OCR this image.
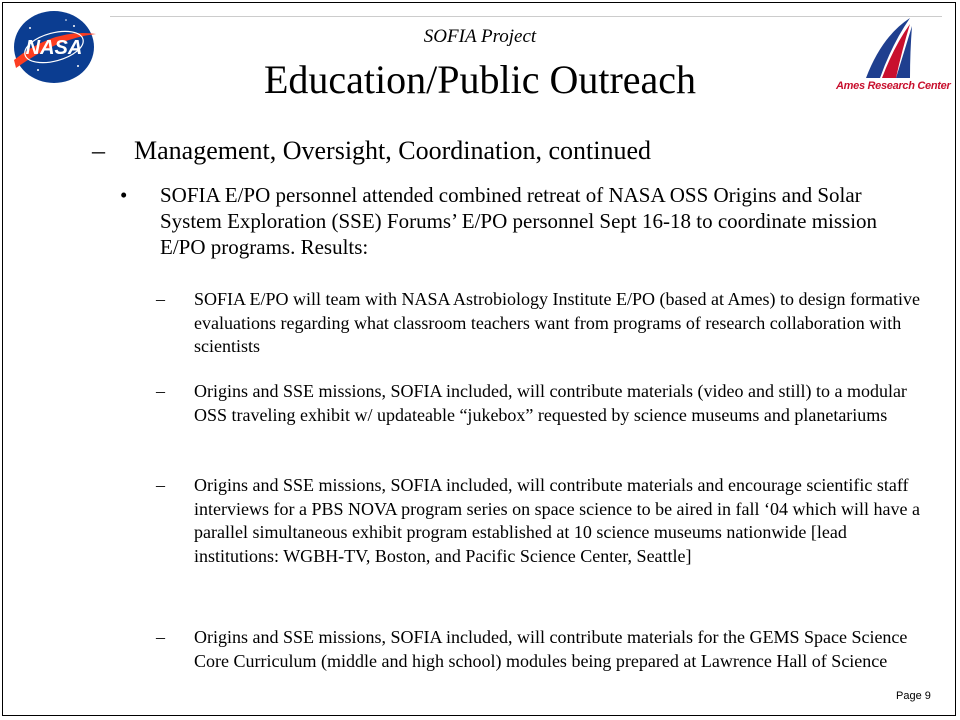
NASA
Ames Research Center
SOFIA Project
Education/Public Outreach
– Management, Oversight, Coordination, continued
• SOFIA E/PO personnel attended combined retreat of NASA OSS Origins and Solar System Exploration (SSE) Forums’ E/PO personnel Sept 16-18 to coordinate mission E/PO programs. Results:
– SOFIA E/PO will team with NASA Astrobiology Institute E/PO (based at Ames) to design formative evaluations regarding what classroom teachers want from programs of research collaboration with scientists
– Origins and SSE missions, SOFIA included, will contribute materials (video and still) to a modular OSS traveling exhibit w/ updateable “jukebox” requested by science museums and planetariums
– Origins and SSE missions, SOFIA included, will contribute materials and encourage scientific staff interviews for a PBS NOVA program series on space science to be aired in fall ‘04 which will have a parallel simultaneous exhibit program established at 10 science museums nationwide [lead institutions: WGBH-TV, Boston, and Pacific Science Center, Seattle]
– Origins and SSE missions, SOFIA included, will contribute materials for the GEMS Space Science Core Curriculum (middle and high school) modules being prepared at Lawrence Hall of Science
Page 9
